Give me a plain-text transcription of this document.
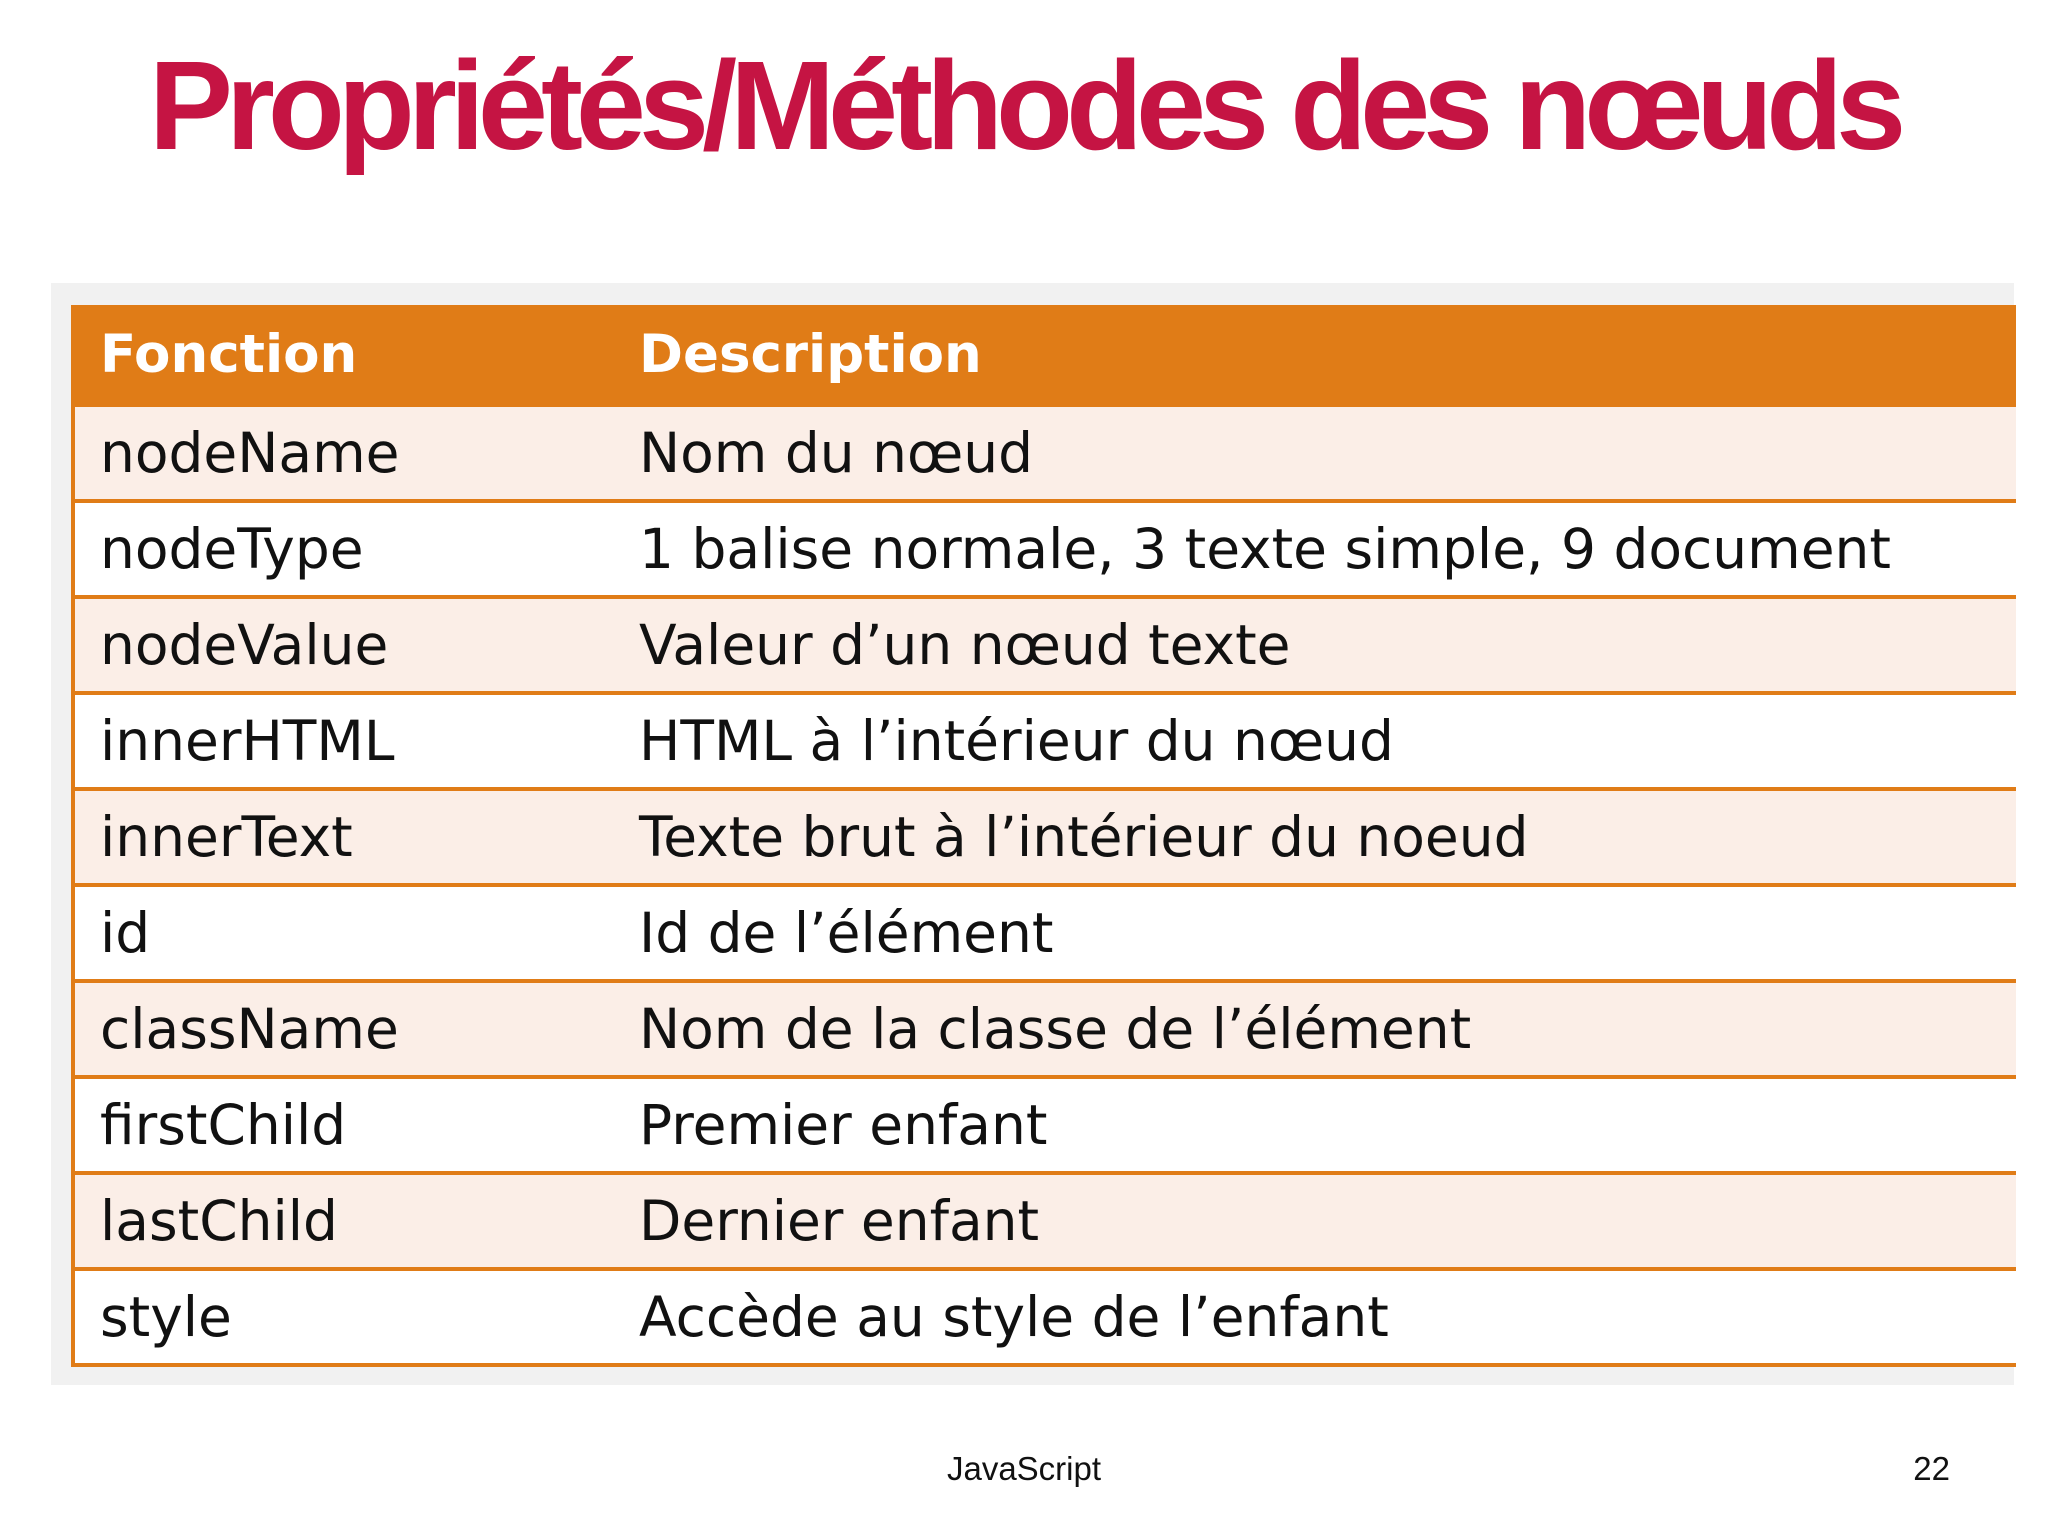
Propriétés/Méthodes des nœuds
Fonction	Description
nodeName	Nom du nœud
nodeType	1 balise normale, 3 texte simple, 9 document
nodeValue	Valeur d’un nœud texte
innerHTML	HTML à l’intérieur du nœud
innerText	Texte brut à l’intérieur du noeud
id	Id de l’élément
className	Nom de la classe de l’élément
firstChild	Premier enfant
lastChild	Dernier enfant
style	Accède au style de l’enfant
JavaScript	22
